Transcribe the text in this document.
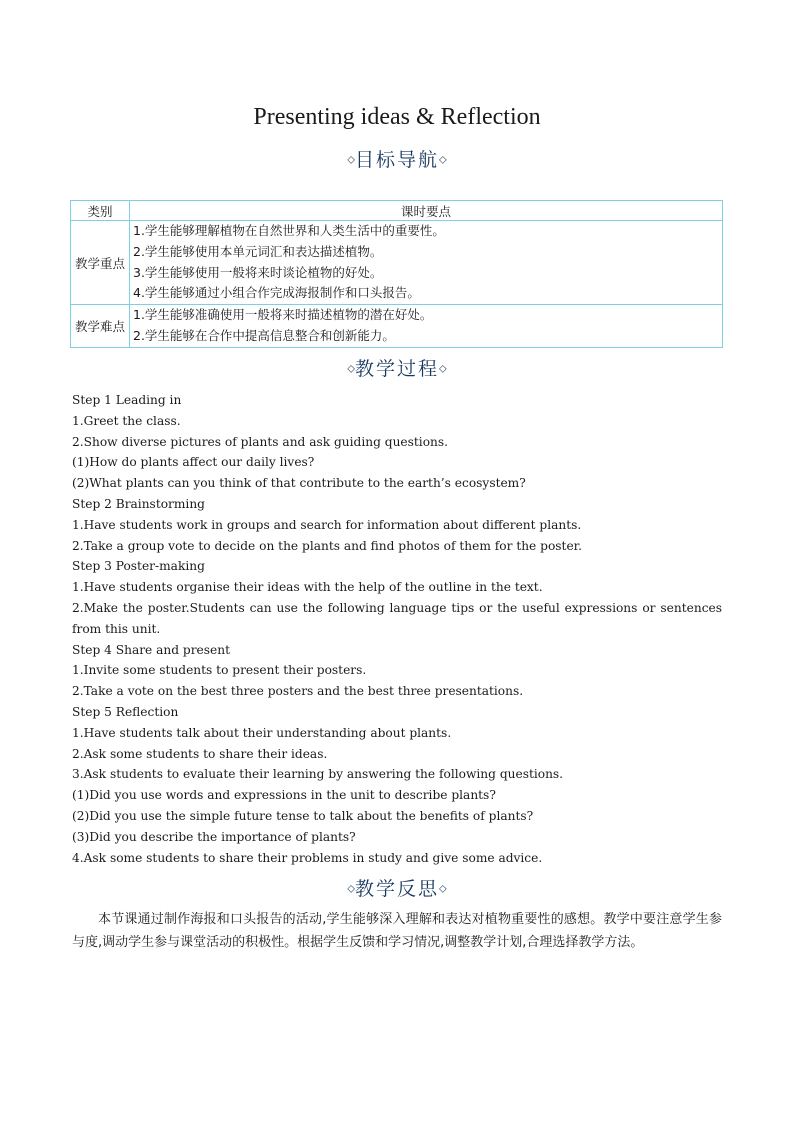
Presenting ideas & Reflection
◇目标导航◇
类别	课时要点
教学重点	1.学生能够理解植物在自然世界和人类生活中的重要性。
2.学生能够使用本单元词汇和表达描述植物。
3.学生能够使用一般将来时谈论植物的好处。
4.学生能够通过小组合作完成海报制作和口头报告。

教学难点	1.学生能够准确使用一般将来时描述植物的潜在好处。
2.学生能够在合作中提高信息整合和创新能力。
◇教学过程◇
Step 1 Leading in
1.Greet the class.
2.Show diverse pictures of plants and ask guiding questions.
(1)How do plants affect our daily lives?
(2)What plants can you think of that contribute to the earth’s ecosystem?
Step 2 Brainstorming
1.Have students work in groups and search for information about different plants.
2.Take a group vote to decide on the plants and find photos of them for the poster.
Step 3 Poster-making
1.Have students organise their ideas with the help of the outline in the text.
2.Make the poster.Students can use the following language tips or the useful expressions or sentences from this unit.
Step 4 Share and present
1.Invite some students to present their posters.
2.Take a vote on the best three posters and the best three presentations.
Step 5 Reflection
1.Have students talk about their understanding about plants.
2.Ask some students to share their ideas.
3.Ask students to evaluate their learning by answering the following questions.
(1)Did you use words and expressions in the unit to describe plants?
(2)Did you use the simple future tense to talk about the benefits of plants?
(3)Did you describe the importance of plants?
4.Ask some students to share their problems in study and give some advice.
◇教学反思◇
本节课通过制作海报和口头报告的活动,学生能够深入理解和表达对植物重要性的感想。教学中要注意学生参与度,调动学生参与课堂活动的积极性。根据学生反馈和学习情况,调整教学计划,合理选择教学方法。
